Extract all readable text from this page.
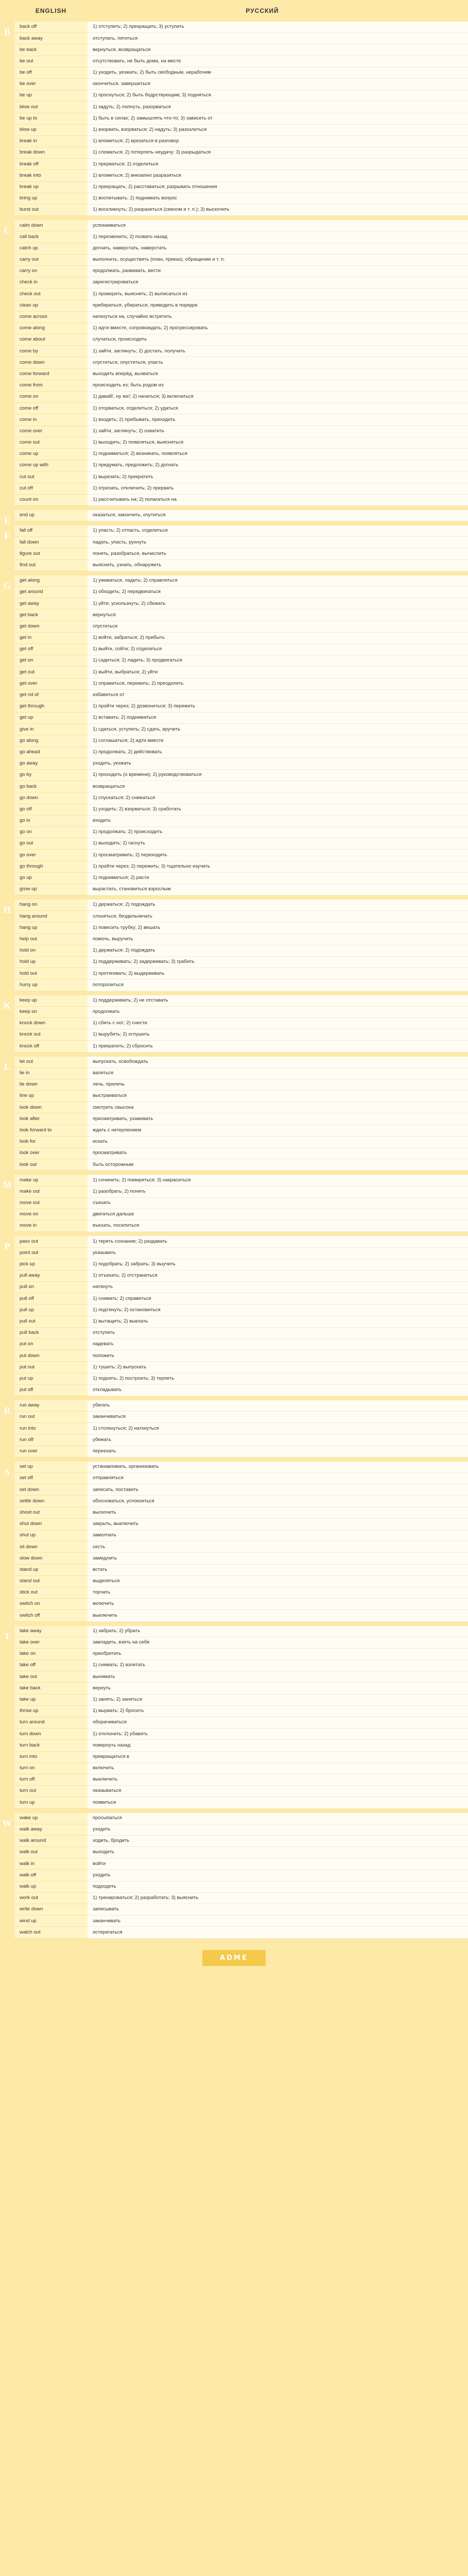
ENGLISH	РУССКИЙ
B
back off	1) отступить; 2) прекращать; 3) уступить
back away	отступать, пятиться
be back	вернуться, возвращаться
be out	отсутствовать, не быть дома, на месте
be off	1) уходить, уезжать; 2) быть свободным, нерабочим
be over	окончиться, завершиться
be up	1) проснуться; 2) быть бодрствующим; 3) подняться
blow out	1) задуть; 2) лопнуть, разорваться
be up to	1) быть в силах; 2) замышлять что-то; 3) зависеть от
blow up	1) взорвать, взорваться; 2) надуть; 3) разозлиться
break in	1) вломиться; 2) врезаться в разговор
break down	1) сломаться; 2) потерпеть неудачу; 3) разрыдаться
break off	1) прерваться; 2) отделиться
break into	1) вломиться; 2) внезапно разразиться
break up	1) прекращать; 2) расставаться; разрывать отношения
bring up	1) воспитывать; 2) поднимать вопрос
burst out	1) воскликнуть; 2) разразиться (смехом и т. п.); 3) выскочить
C
calm down	успокаиваться
call back	1) перезвонить; 2) позвать назад
catch up	догнать, наверстать, наверстать
carry out	выполнить, осуществить (план, приказ), обращение и т. п.
carry on	продолжать, развивать, вести
check in	зарегистрироваться
check out	1) проверить, выяснить; 2) выписаться из
clean up	прибираться, убираться, приводить в порядок
come across	наткнуться на, случайно встретить
come along	1) идти вместе, сопровождать; 2) прогрессировать
come about	случаться, происходить
come by	1) зайти, заглянуть; 2) достать, получить
come down	спуститься, опуститься, упасть
come forward	выходить вперёд, вызваться
come from	происходить из; быть родом из
come on	1) давай!, ну же!; 2) начаться; 3) включаться
come off	1) оторваться, отделиться; 2) удаться
come in	1) входить; 2) прибывать, приходить
come over	1) зайти, заглянуть; 2) охватить
come out	1) выходить; 2) появляться, выясняться
come up	1) подниматься; 2) возникать, появляться
come up with	1) придумать, предложить; 2) догнать
cut out	1) вырезать; 2) прекратить
cut off	1) отрезать, отключить; 2) прервать
count on	1) рассчитывать на; 2) полагаться на
E
end up	оказаться, закончить, очутиться
F
fall off	1) упасть; 2) отпасть, отделиться
fall down	падать, упасть, рухнуть
figure out	понять, разобраться, вычислить
find out	выяснить, узнать, обнаружить
G
get along	1) уживаться, ладить; 2) справляться
get around	1) обходить; 2) передвигаться
get away	1) уйти, ускользнуть; 2) сбежать
get back	вернуться
get down	спуститься
get in	1) войти, забраться; 2) прибыть
get off	1) выйти, сойти; 2) отделаться
get on	1) садиться; 2) ладить; 3) продвигаться
get out	1) выйти, выбраться; 2) уйти
get over	1) оправиться, пережить; 2) преодолеть
get rid of	избавиться от
get through	1) пройти через; 2) дозвониться; 3) пережить
get up	1) вставать; 2) подниматься
give in	1) сдаться, уступить; 2) сдать, вручить
go along	1) соглашаться; 2) идти вместе
go ahead	1) продолжать; 2) действовать
go away	уходить, уезжать
go by	1) проходить (о времени); 2) руководствоваться
go back	возвращаться
go down	1) спускаться; 2) снижаться
go off	1) уходить; 2) взорваться; 3) сработать
go in	входить
go on	1) продолжать; 2) происходить
go out	1) выходить; 2) гаснуть
go over	1) просматривать; 2) переходить
go through	1) пройти через; 2) пережить; 3) тщательно изучить
go up	1) подниматься; 2) расти
grow up	вырастать, становиться взрослым
H
hang on	1) держаться; 2) подождать
hang around	слоняться, бездельничать
hang up	1) повесить трубку; 2) вешать
help out	помочь, выручить
hold on	1) держаться; 2) подождать
hold up	1) поддерживать; 2) задерживать; 3) грабить
hold out	1) протягивать; 2) выдерживать
hurry up	поторопиться
K
keep up	1) поддерживать; 2) не отставать
keep on	продолжать
knock down	1) сбить с ног; 2) снести
knock out	1) вырубить; 2) оглушить
knock off	1) прекратить; 2) сбросить
L
let out	выпускать, освобождать
lie in	валяться
lie down	лечь, прилечь
line up	выстраиваться
look down	смотреть свысока
look after	присматривать, ухаживать
look forward to	ждать с нетерпением
look for	искать
look over	просматривать
look out	быть осторожным
M
make up	1) сочинить; 2) помириться; 3) накраситься
make out	1) разобрать; 2) понять
move out	съехать
move on	двигаться дальше
move in	въехать, поселиться
P
pass out	1) терять сознание; 2) раздавать
point out	указывать
pick up	1) подобрать; 2) забрать; 3) выучить
pull away	1) отъехать; 2) отстраниться
pull on	натянуть
pull off	1) снимать; 2) справиться
pull up	1) подтянуть; 2) остановиться
pull out	1) вытащить; 2) выехать
pull back	отступить
put on	надевать
put down	положить
put out	1) тушить; 2) выпускать
put up	1) поднять; 2) построить; 3) терпеть
put off	откладывать
R
run away	убегать
run out	заканчиваться
run into	1) столкнуться; 2) наткнуться
run off	убежать
run over	переехать
S
set up	устанавливать, организовать
set off	отправляться
set down	записать, поставить
settle down	обосноваться, успокоиться
shoot out	выскочить
shut down	закрыть, выключить
shut up	замолчать
sit down	сесть
slow down	замедлить
stand up	встать
stand out	выделяться
stick out	торчать
switch on	включить
switch off	выключить
T
take away	1) забрать; 2) убрать
take over	завладеть, взять на себя
take on	приобретать
take off	1) снимать; 2) взлетать
take out	вынимать
take back	вернуть
take up	1) занять; 2) заняться
throw up	1) вырвать; 2) бросить
turn around	оборачиваться
turn down	1) отклонить; 2) убавить
turn back	повернуть назад
turn into	превращаться в
turn on	включить
turn off	выключить
turn out	оказываться
turn up	появиться
W
wake up	просыпаться
walk away	уходить
walk around	ходить, бродить
walk out	выходить
walk in	войти
walk off	уходить
walk up	подходить
work out	1) тренироваться; 2) разработать; 3) выяснить
write down	записывать
wind up	заканчивать
watch out	остерегаться
ADME
